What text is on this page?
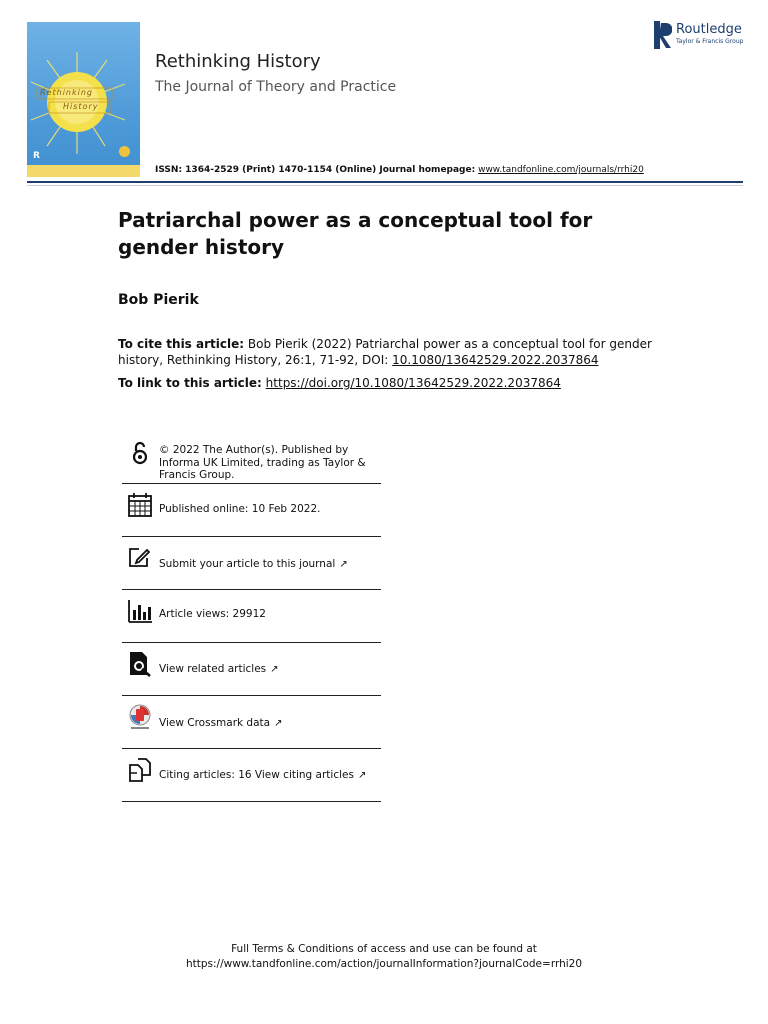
Rethinking
History
R
Rethinking History
The Journal of Theory and Practice
Routledge
Taylor & Francis Group
ISSN: 1364-2529 (Print) 1470-1154 (Online) Journal homepage: www.tandfonline.com/journals/rrhi20
Patriarchal power as a conceptual tool for gender history
Bob Pierik
To cite this article: Bob Pierik (2022) Patriarchal power as a conceptual tool for gender history, Rethinking History, 26:1, 71-92, DOI: 10.1080/13642529.2022.2037864
To link to this article: https://doi.org/10.1080/13642529.2022.2037864
© 2022 The Author(s). Published by Informa UK Limited, trading as Taylor & Francis Group.
Published online: 10 Feb 2022.
Submit your article to this journal ↗
Article views: 29912
View related articles ↗
View Crossmark data ↗
Citing articles: 16 View citing articles ↗
Full Terms & Conditions of access and use can be found at
https://www.tandfonline.com/action/journalInformation?journalCode=rrhi20
